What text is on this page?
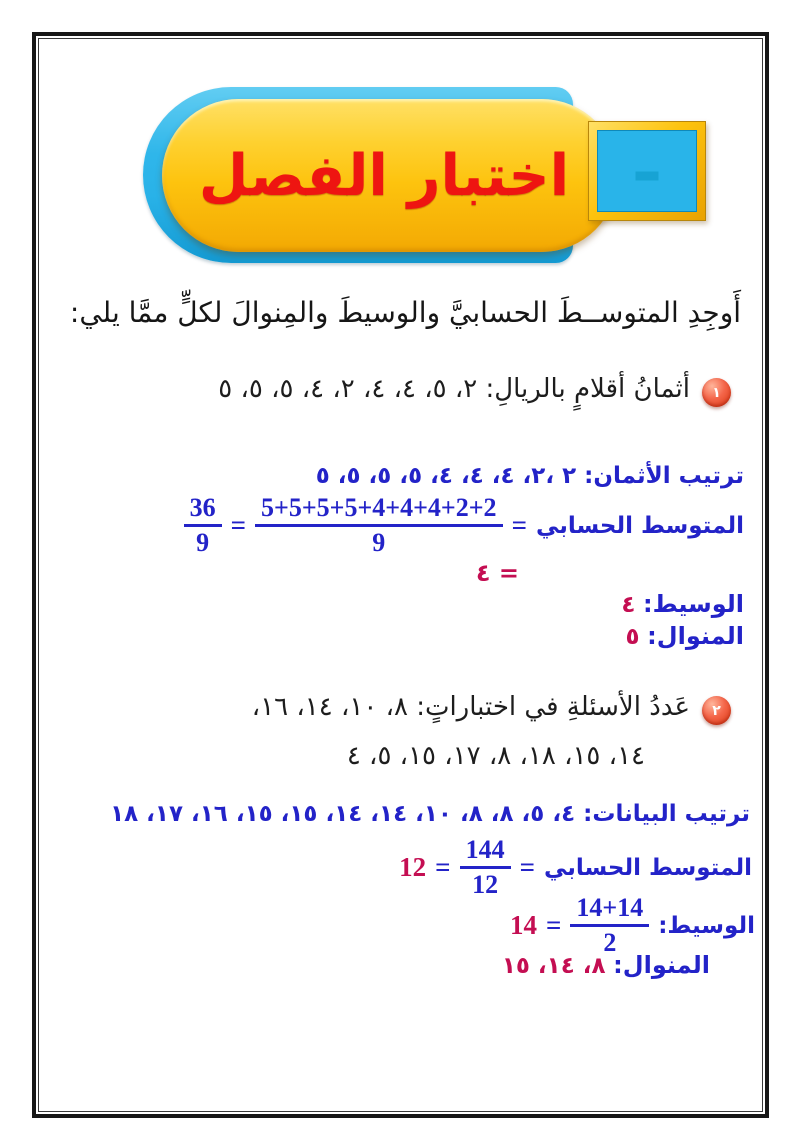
اختبار الفصل
أَوجِدِ المتوســطَ الحسابيَّ والوسيطَ والمِنوالَ لكلٍّ ممَّا يلي:
١
أثمانُ أقلامٍ بالريالِ: ٢، ٥، ٤، ٤، ٢، ٤، ٥، ٥، ٥
ترتيب الأثمان: ٢ ،٢، ٤، ٤، ٤، ٥، ٥، ٥، ٥
المتوسط الحسابي
=
$\frac{5+5+5+5+4+4+4+2+2}{9}$
=
$\frac{36}{9}$
= ٤
الوسيط: ٤
المنوال: ٥
٢
عَددُ الأسئلةِ في اختباراتٍ: ٨، ١٠، ١٤، ١٦،
١٤، ١٥، ١٨، ٨، ١٧، ١٥، ٥، ٤
ترتيب البيانات: ٤، ٥، ٨، ٨، ١٠، ١٤، ١٤، ١٥، ١٥، ١٦، ١٧، ١٨
المتوسط الحسابي
=
$\frac{144}{12}$
=
12
الوسيط:
$\frac{14+14}{2}$
=
14
المنوال: ٨، ١٤، ١٥
